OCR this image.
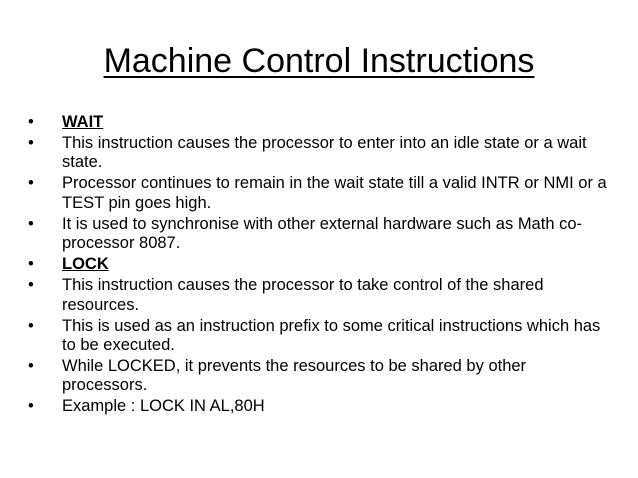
Machine Control Instructions
•	WAIT
•	This instruction causes the processor to enter into an idle state or a wait state.
•	Processor continues to remain in the wait state till a valid INTR or NMI or a TEST pin goes high.
•	It is used to synchronise with other external hardware such as Math co-processor 8087.
•	LOCK
•	This instruction causes the processor to take control of the shared resources.
•	This is used as an instruction prefix to some critical instructions which has to be executed.
•	While LOCKED, it prevents the resources to be shared by other processors.
•	Example : LOCK IN AL,80H
